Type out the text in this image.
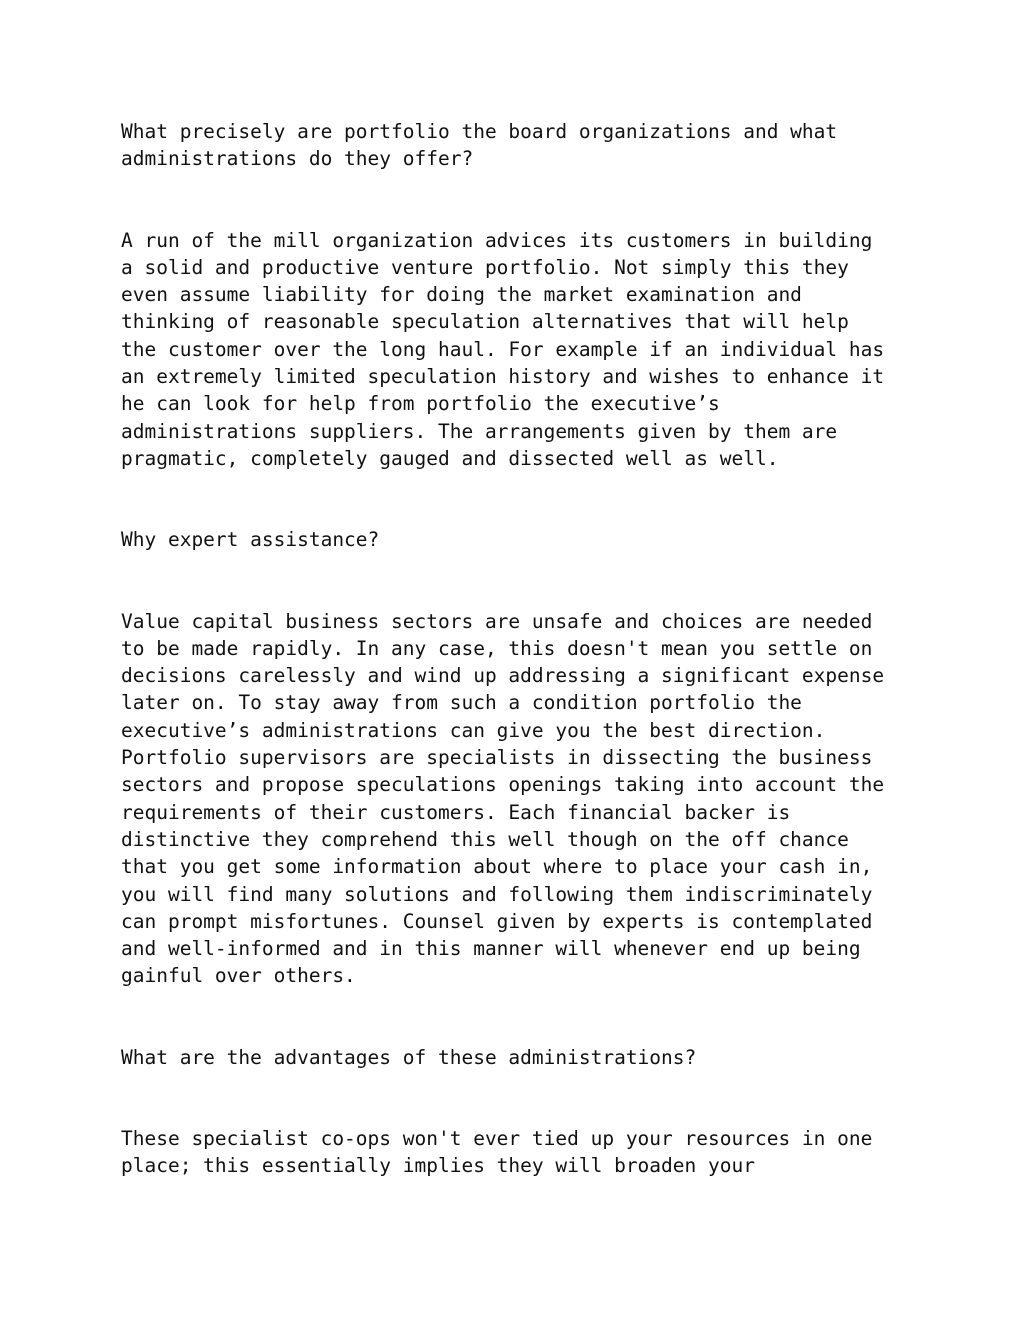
What precisely are portfolio the board organizations and what
administrations do they offer?

A run of the mill organization advices its customers in building
a solid and productive venture portfolio. Not simply this they
even assume liability for doing the market examination and
thinking of reasonable speculation alternatives that will help
the customer over the long haul. For example if an individual has
an extremely limited speculation history and wishes to enhance it
he can look for help from portfolio the executive’s
administrations suppliers. The arrangements given by them are
pragmatic, completely gauged and dissected well as well.

Why expert assistance?

Value capital business sectors are unsafe and choices are needed
to be made rapidly. In any case, this doesn't mean you settle on
decisions carelessly and wind up addressing a significant expense
later on. To stay away from such a condition portfolio the
executive’s administrations can give you the best direction.
Portfolio supervisors are specialists in dissecting the business
sectors and propose speculations openings taking into account the
requirements of their customers. Each financial backer is
distinctive they comprehend this well though on the off chance
that you get some information about where to place your cash in,
you will find many solutions and following them indiscriminately
can prompt misfortunes. Counsel given by experts is contemplated
and well-informed and in this manner will whenever end up being
gainful over others.

What are the advantages of these administrations?

These specialist co-ops won't ever tied up your resources in one
place; this essentially implies they will broaden your
